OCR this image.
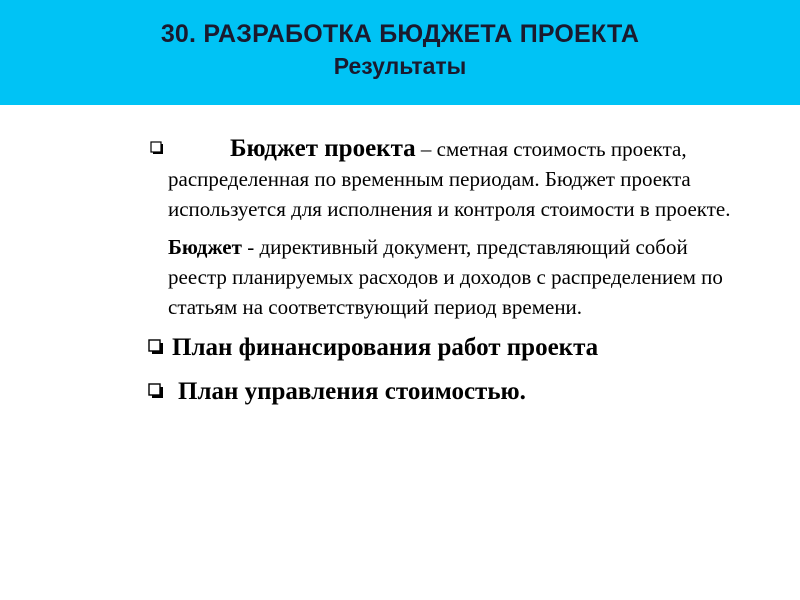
30. РАЗРАБОТКА БЮДЖЕТА ПРОЕКТА
Результаты
Бюджет проекта – сметная стоимость проекта, распределенная по временным периодам. Бюджет проекта используется для исполнения и контроля стоимости в проекте.
Бюджет - директивный документ, представляющий собой реестр планируемых расходов и доходов с распределением по статьям на соответствующий период времени.
План финансирования работ проекта
План управления стоимостью.
